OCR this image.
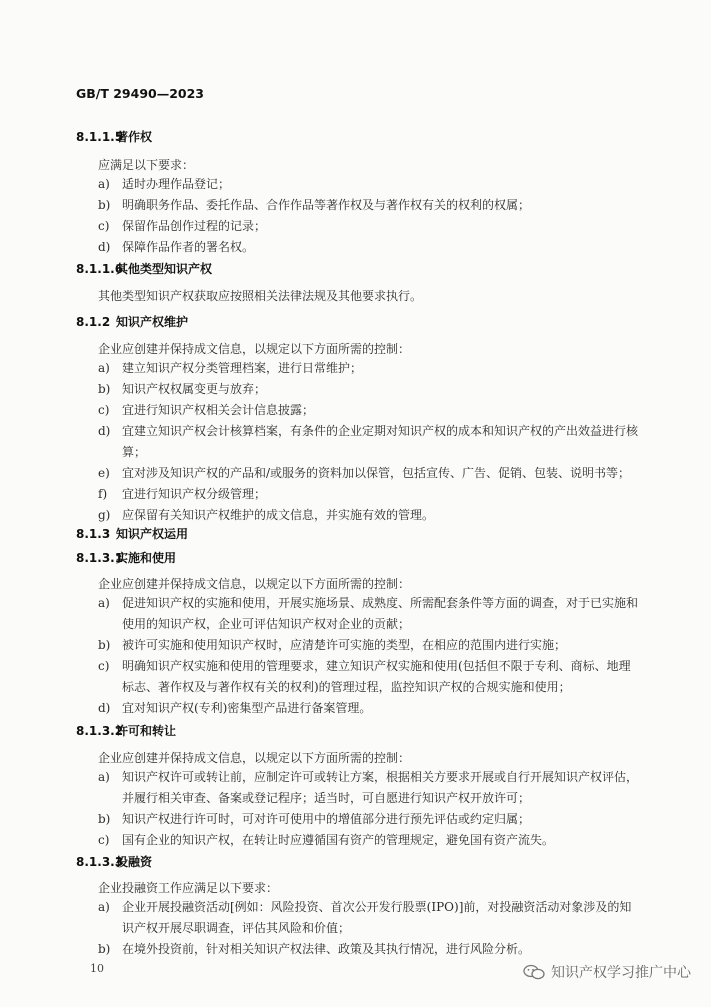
GB/T 29490—2023
8.1.1.5著作权
应满足以下要求：
a) 适时办理作品登记；
b) 明确职务作品、委托作品、合作作品等著作权及与著作权有关的权利的权属；
c) 保留作品创作过程的记录；
d) 保障作品作者的署名权。
8.1.1.6其他类型知识产权
其他类型知识产权获取应按照相关法律法规及其他要求执行。
8.1.2 知识产权维护
企业应创建并保持成文信息，以规定以下方面所需的控制：
a) 建立知识产权分类管理档案，进行日常维护；
b) 知识产权权属变更与放弃；
c) 宜进行知识产权相关会计信息披露；
d) 宜建立知识产权会计核算档案，有条件的企业定期对知识产权的成本和知识产权的产出效益进行核算；
e) 宜对涉及知识产权的产品和/或服务的资料加以保管，包括宣传、广告、促销、包装、说明书等；
f) 宜进行知识产权分级管理；
g) 应保留有关知识产权维护的成文信息，并实施有效的管理。
8.1.3 知识产权运用
8.1.3.1实施和使用
企业应创建并保持成文信息，以规定以下方面所需的控制：
a) 促进知识产权的实施和使用，开展实施场景、成熟度、所需配套条件等方面的调查，对于已实施和使用的知识产权，企业可评估知识产权对企业的贡献；
b) 被许可实施和使用知识产权时，应清楚许可实施的类型，在相应的范围内进行实施；
c) 明确知识产权实施和使用的管理要求，建立知识产权实施和使用(包括但不限于专利、商标、地理标志、著作权及与著作权有关的权利)的管理过程，监控知识产权的合规实施和使用；
d) 宜对知识产权(专利)密集型产品进行备案管理。
8.1.3.2许可和转让
企业应创建并保持成文信息，以规定以下方面所需的控制：
a) 知识产权许可或转让前，应制定许可或转让方案，根据相关方要求开展或自行开展知识产权评估，并履行相关审查、备案或登记程序；适当时，可自愿进行知识产权开放许可；
b) 知识产权进行许可时，可对许可使用中的增值部分进行预先评估或约定归属；
c) 国有企业的知识产权，在转让时应遵循国有资产的管理规定，避免国有资产流失。
8.1.3.3投融资
企业投融资工作应满足以下要求：
a) 企业开展投融资活动[例如：风险投资、首次公开发行股票(IPO)]前，对投融资活动对象涉及的知识产权开展尽职调查，评估其风险和价值；
b) 在境外投资前，针对相关知识产权法律、政策及其执行情况，进行风险分析。
10	知识产权学习推广中心
